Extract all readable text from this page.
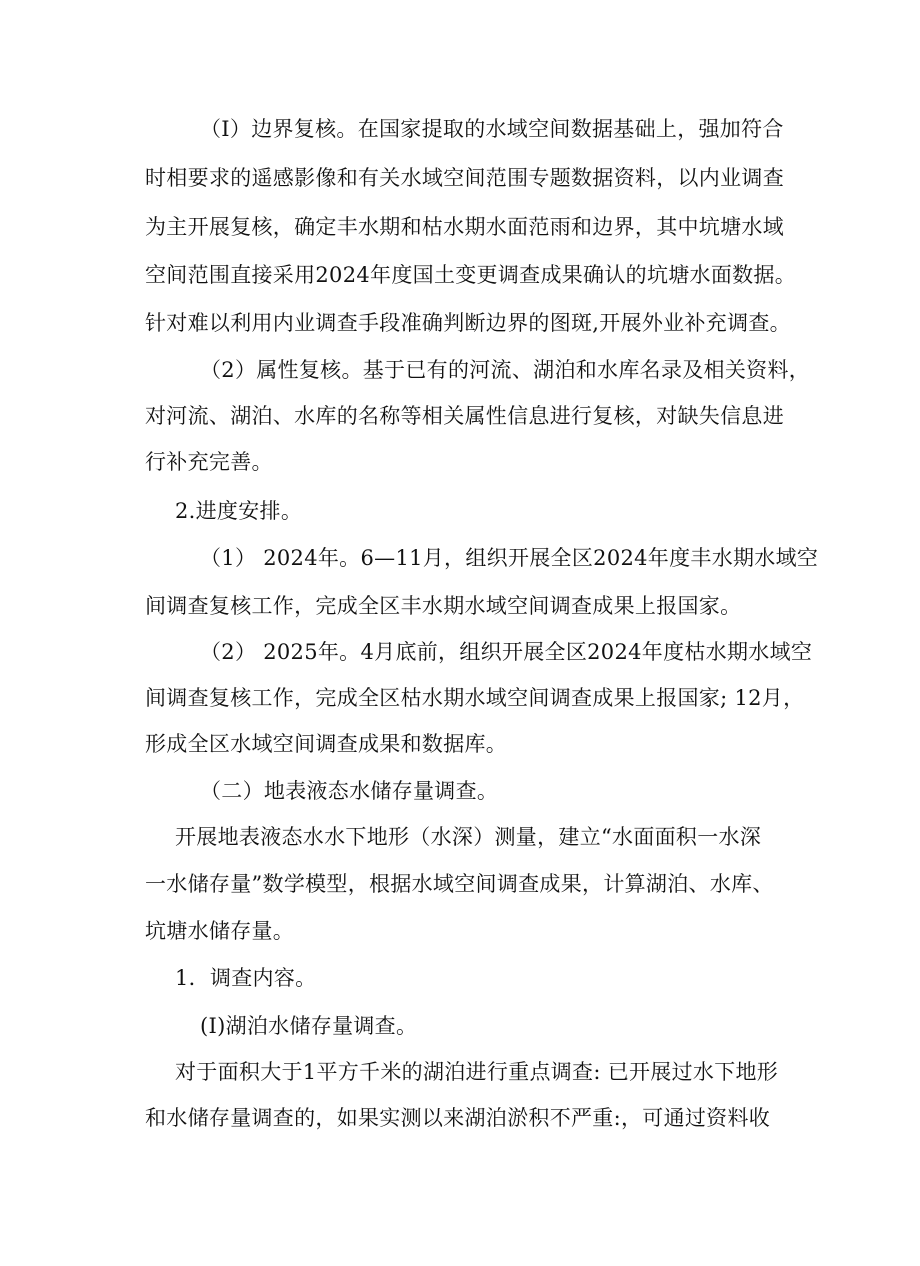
（I）边界复核。在国家提取的水域空间数据基础上，强加符合
时相要求的遥感影像和有关水域空间范围专题数据资料，以内业调查
为主开展复核，确定丰水期和枯水期水面范雨和边界，其中坑塘水域
空间范围直接采用2024年度国土变更调查成果确认的坑塘水面数据。
针对难以利用内业调查手段准确判断边界的图斑,开展外业补充调查。
（2）属性复核。基于已有的河流、湖泊和水库名录及相关资料，
对河流、湖泊、水库的名称等相关属性信息进行复核，对缺失信息进
行补充完善。
2.进度安排。
（1） 2024年。6—11月，组织开展全区2024年度丰水期水域空
间调查复核工作，完成全区丰水期水域空间调查成果上报国家。
（2） 2025年。4月底前，组织开展全区2024年度枯水期水域空
间调查复核工作，完成全区枯水期水域空间调查成果上报国家; 12月，
形成全区水域空间调查成果和数据库。
（二）地表液态水储存量调查。
开展地表液态水水下地形（水深）测量，建立“水面面积一水深
一水储存量”数学模型，根据水域空间调查成果，计算湖泊、水库、
坑塘水储存量。
1．调查内容。
(I)湖泊水储存量调查。
对于面积大于1平方千米的湖泊进行重点调查: 已开展过水下地形
和水储存量调查的，如果实测以来湖泊淤积不严重:，可通过资料收
